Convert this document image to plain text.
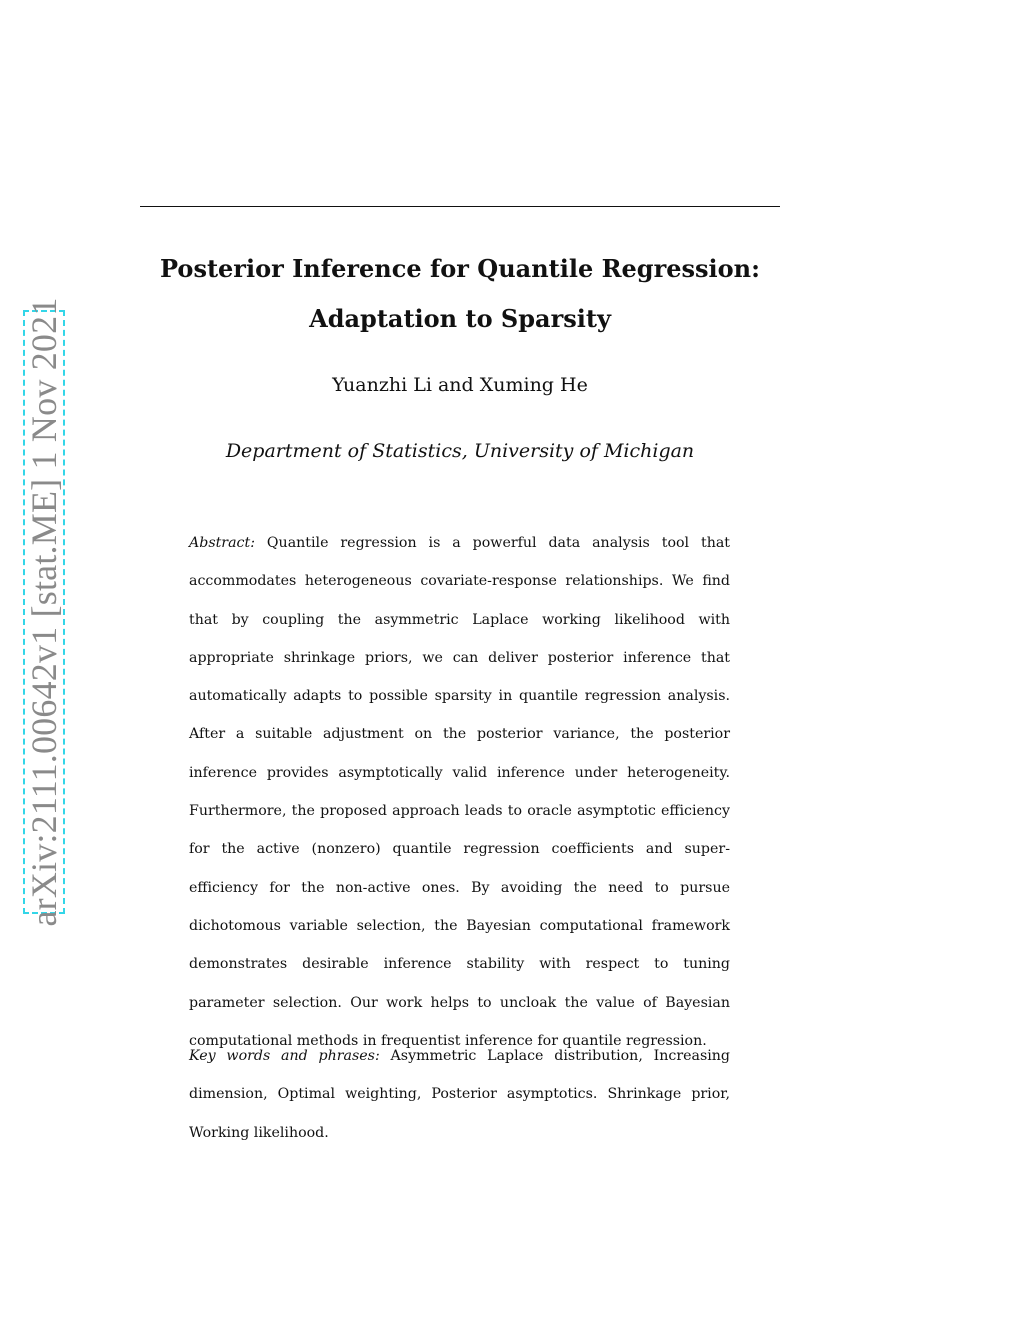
arXiv:2111.00642v1 [stat.ME] 1 Nov 2021
Posterior Inference for Quantile Regression:
Adaptation to Sparsity
Yuanzhi Li and Xuming He
Department of Statistics, University of Michigan
Abstract: Quantile regression is a powerful data analysis tool that accommodates heterogeneous covariate-response relationships. We find that by coupling the asymmetric Laplace working likelihood with appropriate shrinkage priors, we can deliver posterior inference that automatically adapts to possible sparsity in quantile regression analysis. After a suitable adjustment on the posterior variance, the posterior inference provides asymptotically valid inference under heterogeneity. Furthermore, the proposed approach leads to oracle asymptotic efficiency for the active (nonzero) quantile regression coefficients and super-efficiency for the non-active ones. By avoiding the need to pursue dichotomous variable selection, the Bayesian computational framework demonstrates desirable inference stability with respect to tuning parameter selection. Our work helps to uncloak the value of Bayesian computational methods in frequentist inference for quantile regression.
Key words and phrases: Asymmetric Laplace distribution, Increasing dimension, Optimal weighting, Posterior asymptotics. Shrinkage prior, Working likelihood.
